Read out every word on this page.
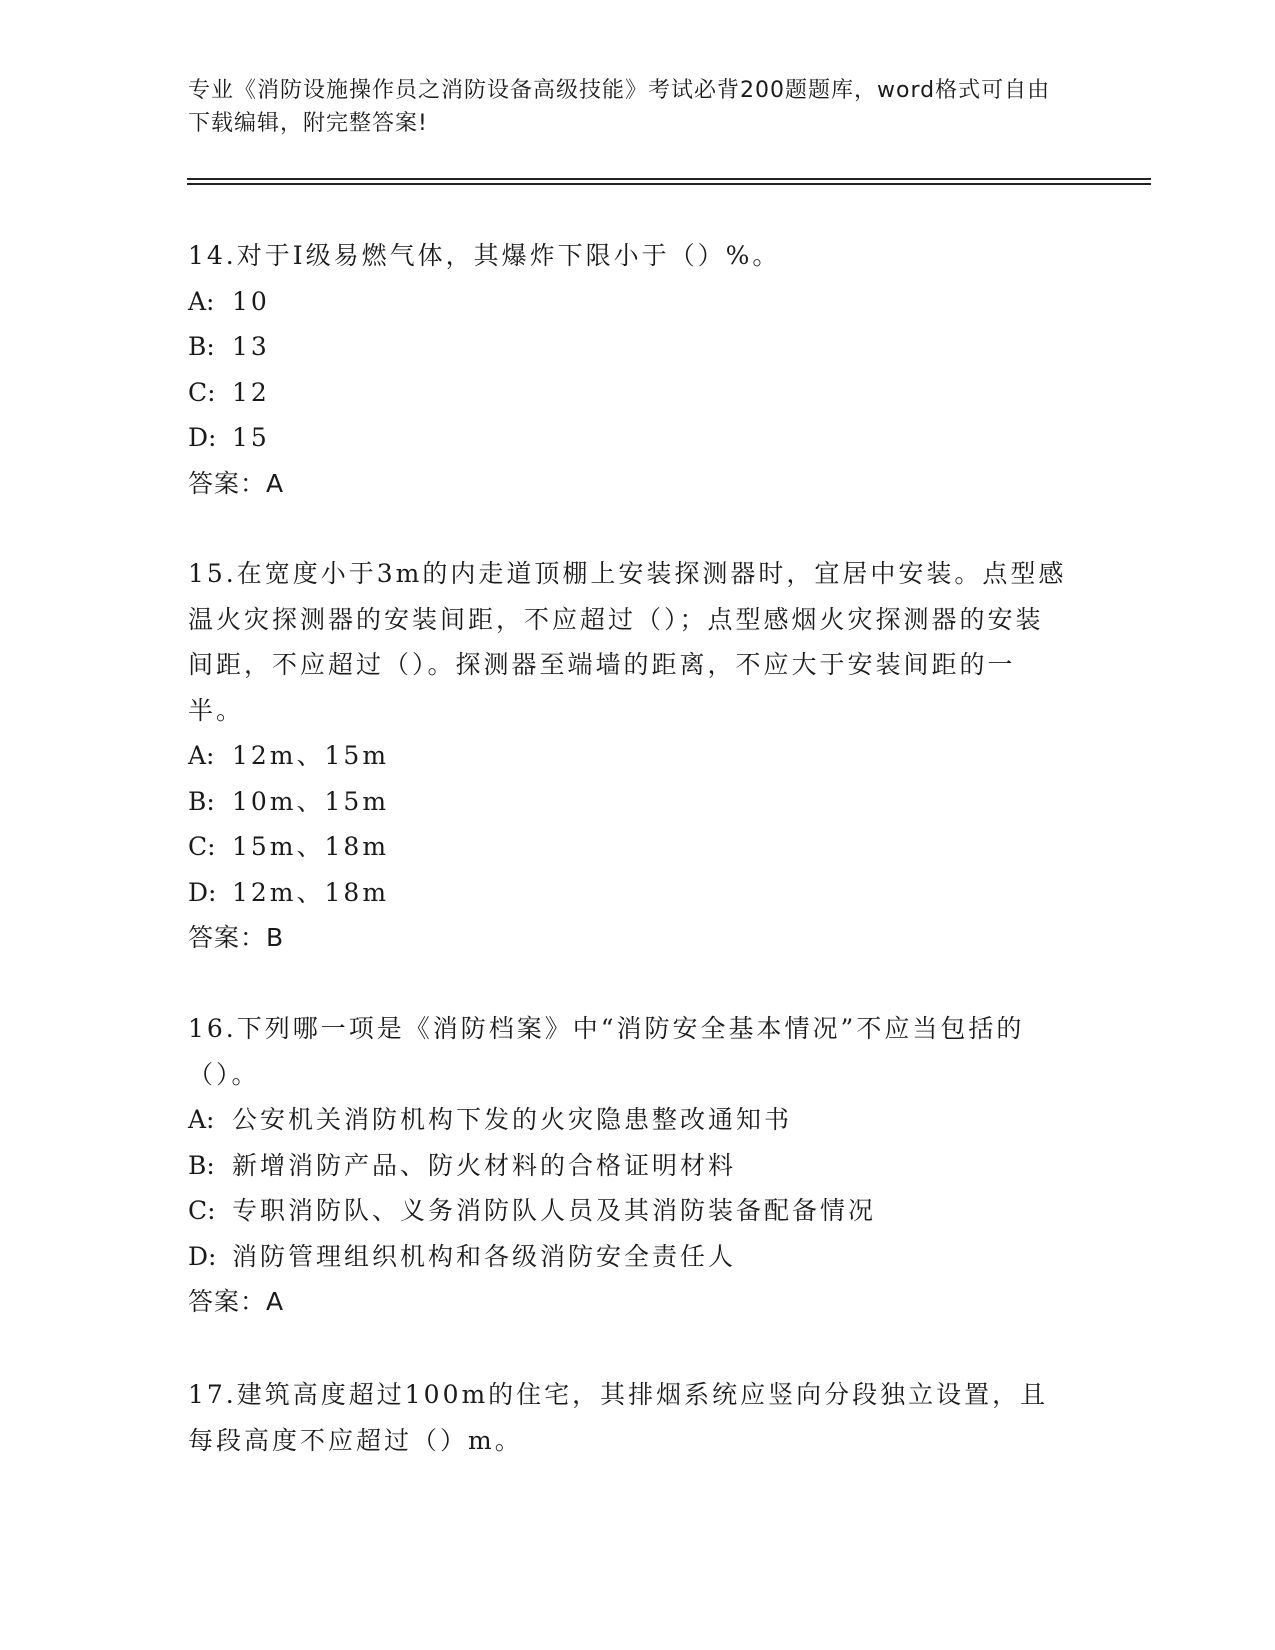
专业《消防设施操作员之消防设备高级技能》考试必背200题题库，word格式可自由下载编辑，附完整答案!

14.对于Ⅰ级易燃气体，其爆炸下限小于（）%。

A: 10

B: 13

C: 12

D: 15

答案：A

15.在宽度小于3m的内走道顶棚上安装探测器时，宜居中安装。点型感温火灾探测器的安装间距，不应超过（）；点型感烟火灾探测器的安装间距，不应超过（）。探测器至端墙的距离，不应大于安装间距的一半。

A: 12m、15m

B: 10m、15m

C: 15m、18m

D: 12m、18m

答案：B

16.下列哪一项是《消防档案》中“消防安全基本情况”不应当包括的（）。

A: 公安机关消防机构下发的火灾隐患整改通知书

B: 新增消防产品、防火材料的合格证明材料

C: 专职消防队、义务消防队人员及其消防装备配备情况

D: 消防管理组织机构和各级消防安全责任人

答案：A

17.建筑高度超过100m的住宅，其排烟系统应竖向分段独立设置，且每段高度不应超过（）m。
